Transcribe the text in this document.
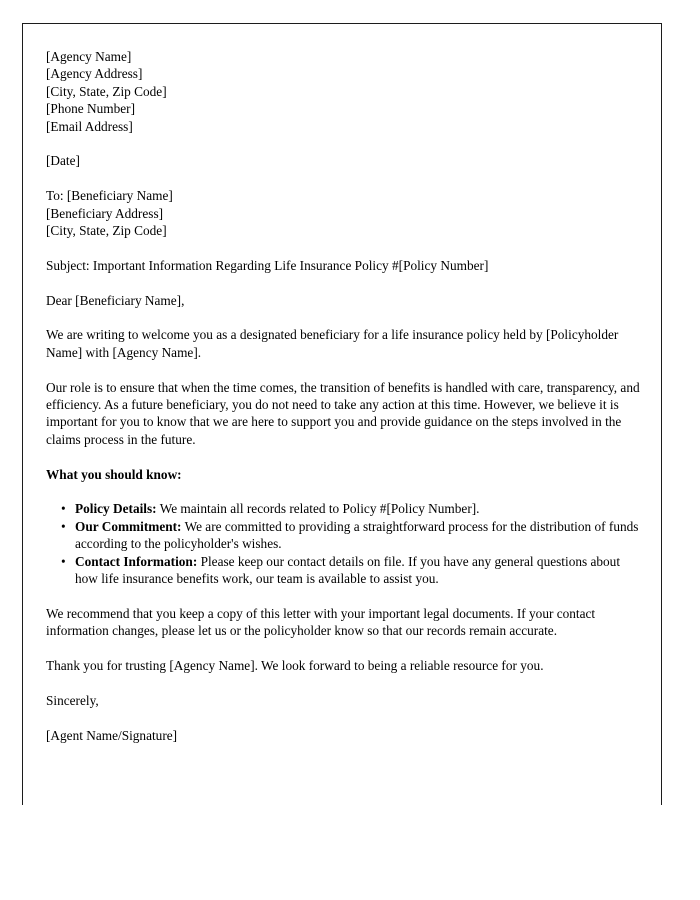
[Agency Name]
[Agency Address]
[City, State, Zip Code]
[Phone Number]
[Email Address]
[Date]
To: [Beneficiary Name]
[Beneficiary Address]
[City, State, Zip Code]
Subject: Important Information Regarding Life Insurance Policy #[Policy Number]
Dear [Beneficiary Name],

We are writing to welcome you as a designated beneficiary for a life insurance policy held by [Policyholder Name] with [Agency Name].

Our role is to ensure that when the time comes, the transition of benefits is handled with care, transparency, and efficiency. As a future beneficiary, you do not need to take any action at this time. However, we believe it is important for you to know that we are here to support you and provide guidance on the steps involved in the claims process in the future.

What you should know:

• Policy Details: We maintain all records related to Policy #[Policy Number].
• Our Commitment: We are committed to providing a straightforward process for the distribution of funds according to the policyholder's wishes.
• Contact Information: Please keep our contact details on file. If you have any general questions about how life insurance benefits work, our team is available to assist you.

We recommend that you keep a copy of this letter with your important legal documents. If your contact information changes, please let us or the policyholder know so that our records remain accurate.

Thank you for trusting [Agency Name]. We look forward to being a reliable resource for you.

Sincerely,
[Agent Name/Signature]
